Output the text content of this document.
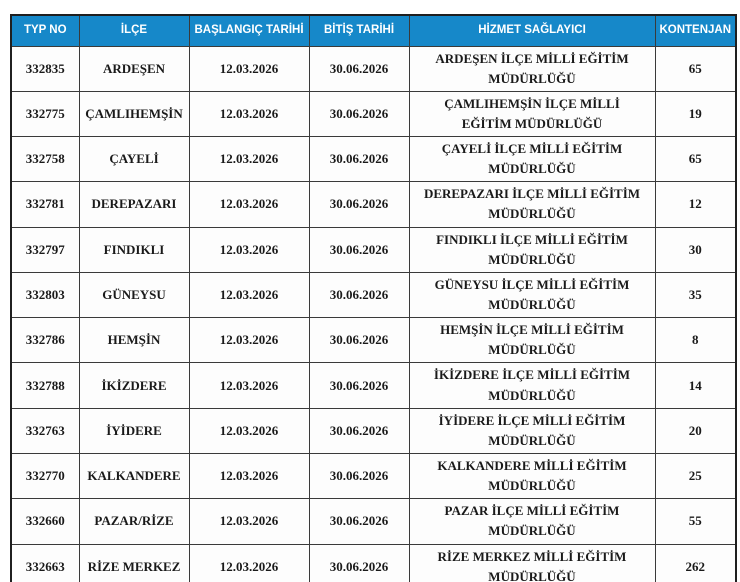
TYP NO	İLÇE	BAŞLANGIÇ TARİHİ	BİTİŞ TARİHİ	HİZMET SAĞLAYICI	KONTENJAN
332835	ARDEŞEN	12.03.2026	30.06.2026	ARDEŞEN İLÇE MİLLİ EĞİTİM MÜDÜRLÜĞÜ	65
332775	ÇAMLIHEMŞİN	12.03.2026	30.06.2026	ÇAMLIHEMŞİN İLÇE MİLLİ EĞİTİM MÜDÜRLÜĞÜ	19
332758	ÇAYELİ	12.03.2026	30.06.2026	ÇAYELİ İLÇE MİLLİ EĞİTİM MÜDÜRLÜĞÜ	65
332781	DEREPAZARI	12.03.2026	30.06.2026	DEREPAZARI İLÇE MİLLİ EĞİTİM MÜDÜRLÜĞÜ	12
332797	FINDIKLI	12.03.2026	30.06.2026	FINDIKLI İLÇE MİLLİ EĞİTİM MÜDÜRLÜĞÜ	30
332803	GÜNEYSU	12.03.2026	30.06.2026	GÜNEYSU İLÇE MİLLİ EĞİTİM MÜDÜRLÜĞÜ	35
332786	HEMŞİN	12.03.2026	30.06.2026	HEMŞİN İLÇE MİLLİ EĞİTİM MÜDÜRLÜĞÜ	8
332788	İKİZDERE	12.03.2026	30.06.2026	İKİZDERE İLÇE MİLLİ EĞİTİM MÜDÜRLÜĞÜ	14
332763	İYİDERE	12.03.2026	30.06.2026	İYİDERE İLÇE MİLLİ EĞİTİM MÜDÜRLÜĞÜ	20
332770	KALKANDERE	12.03.2026	30.06.2026	KALKANDERE MİLLİ EĞİTİM MÜDÜRLÜĞÜ	25
332660	PAZAR/RİZE	12.03.2026	30.06.2026	PAZAR İLÇE MİLLİ EĞİTİM MÜDÜRLÜĞÜ	55
332663	RİZE MERKEZ	12.03.2026	30.06.2026	RİZE MERKEZ MİLLİ EĞİTİM MÜDÜRLÜĞÜ	262
